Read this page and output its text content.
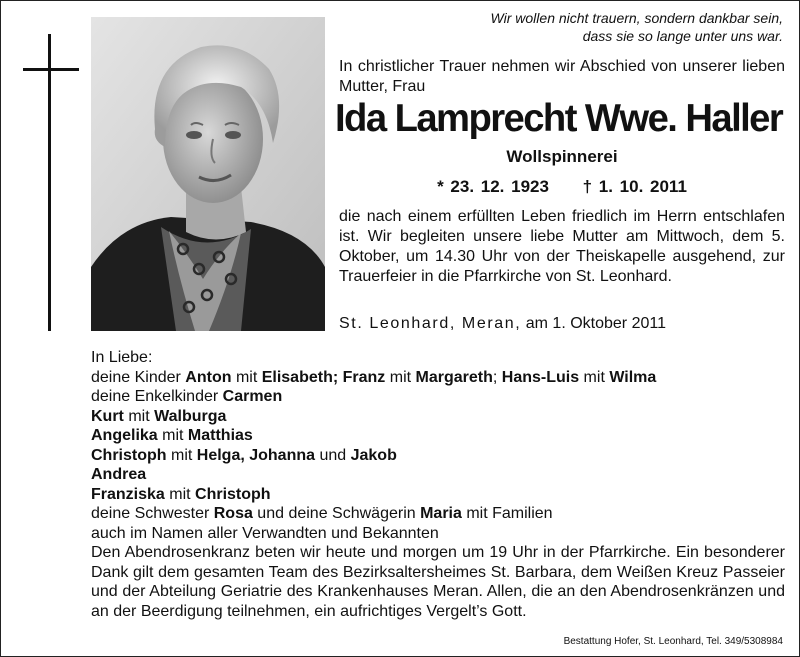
Wir wollen nicht trauern, sondern dankbar sein,
dass sie so lange unter uns war.
In christlicher Trauer nehmen wir Abschied von unserer lieben Mutter, Frau
Ida Lamprecht Wwe. Haller
Wollspinnerei
* 23. 12. 1923 † 1. 10. 2011
die nach einem erfüllten Leben friedlich im Herrn entschlafen ist. Wir begleiten unsere liebe Mutter am Mittwoch, dem 5. Oktober, um 14.30 Uhr von der Theiskapelle ausgehend, zur Trauerfeier in die Pfarrkirche von St. Leonhard.
St. Leonhard, Meran, am 1. Oktober 2011
In Liebe:
deine Kinder Anton mit Elisabeth; Franz mit Margareth; Hans-Luis mit Wilma
deine Enkelkinder Carmen
Kurt mit Walburga
Angelika mit Matthias
Christoph mit Helga, Johanna und Jakob
Andrea
Franziska mit Christoph
deine Schwester Rosa und deine Schwägerin Maria mit Familien
auch im Namen aller Verwandten und Bekannten
Den Abendrosenkranz beten wir heute und morgen um 19 Uhr in der Pfarrkirche. Ein besonderer Dank gilt dem gesamten Team des Bezirksaltersheimes St. Barbara, dem Weißen Kreuz Passeier und der Abteilung Geriatrie des Krankenhauses Meran. Allen, die an den Abendrosenkränzen und an der Beerdigung teilnehmen, ein aufrichtiges Vergelt’s Gott.
Bestattung Hofer, St. Leonhard, Tel. 349/5308984
